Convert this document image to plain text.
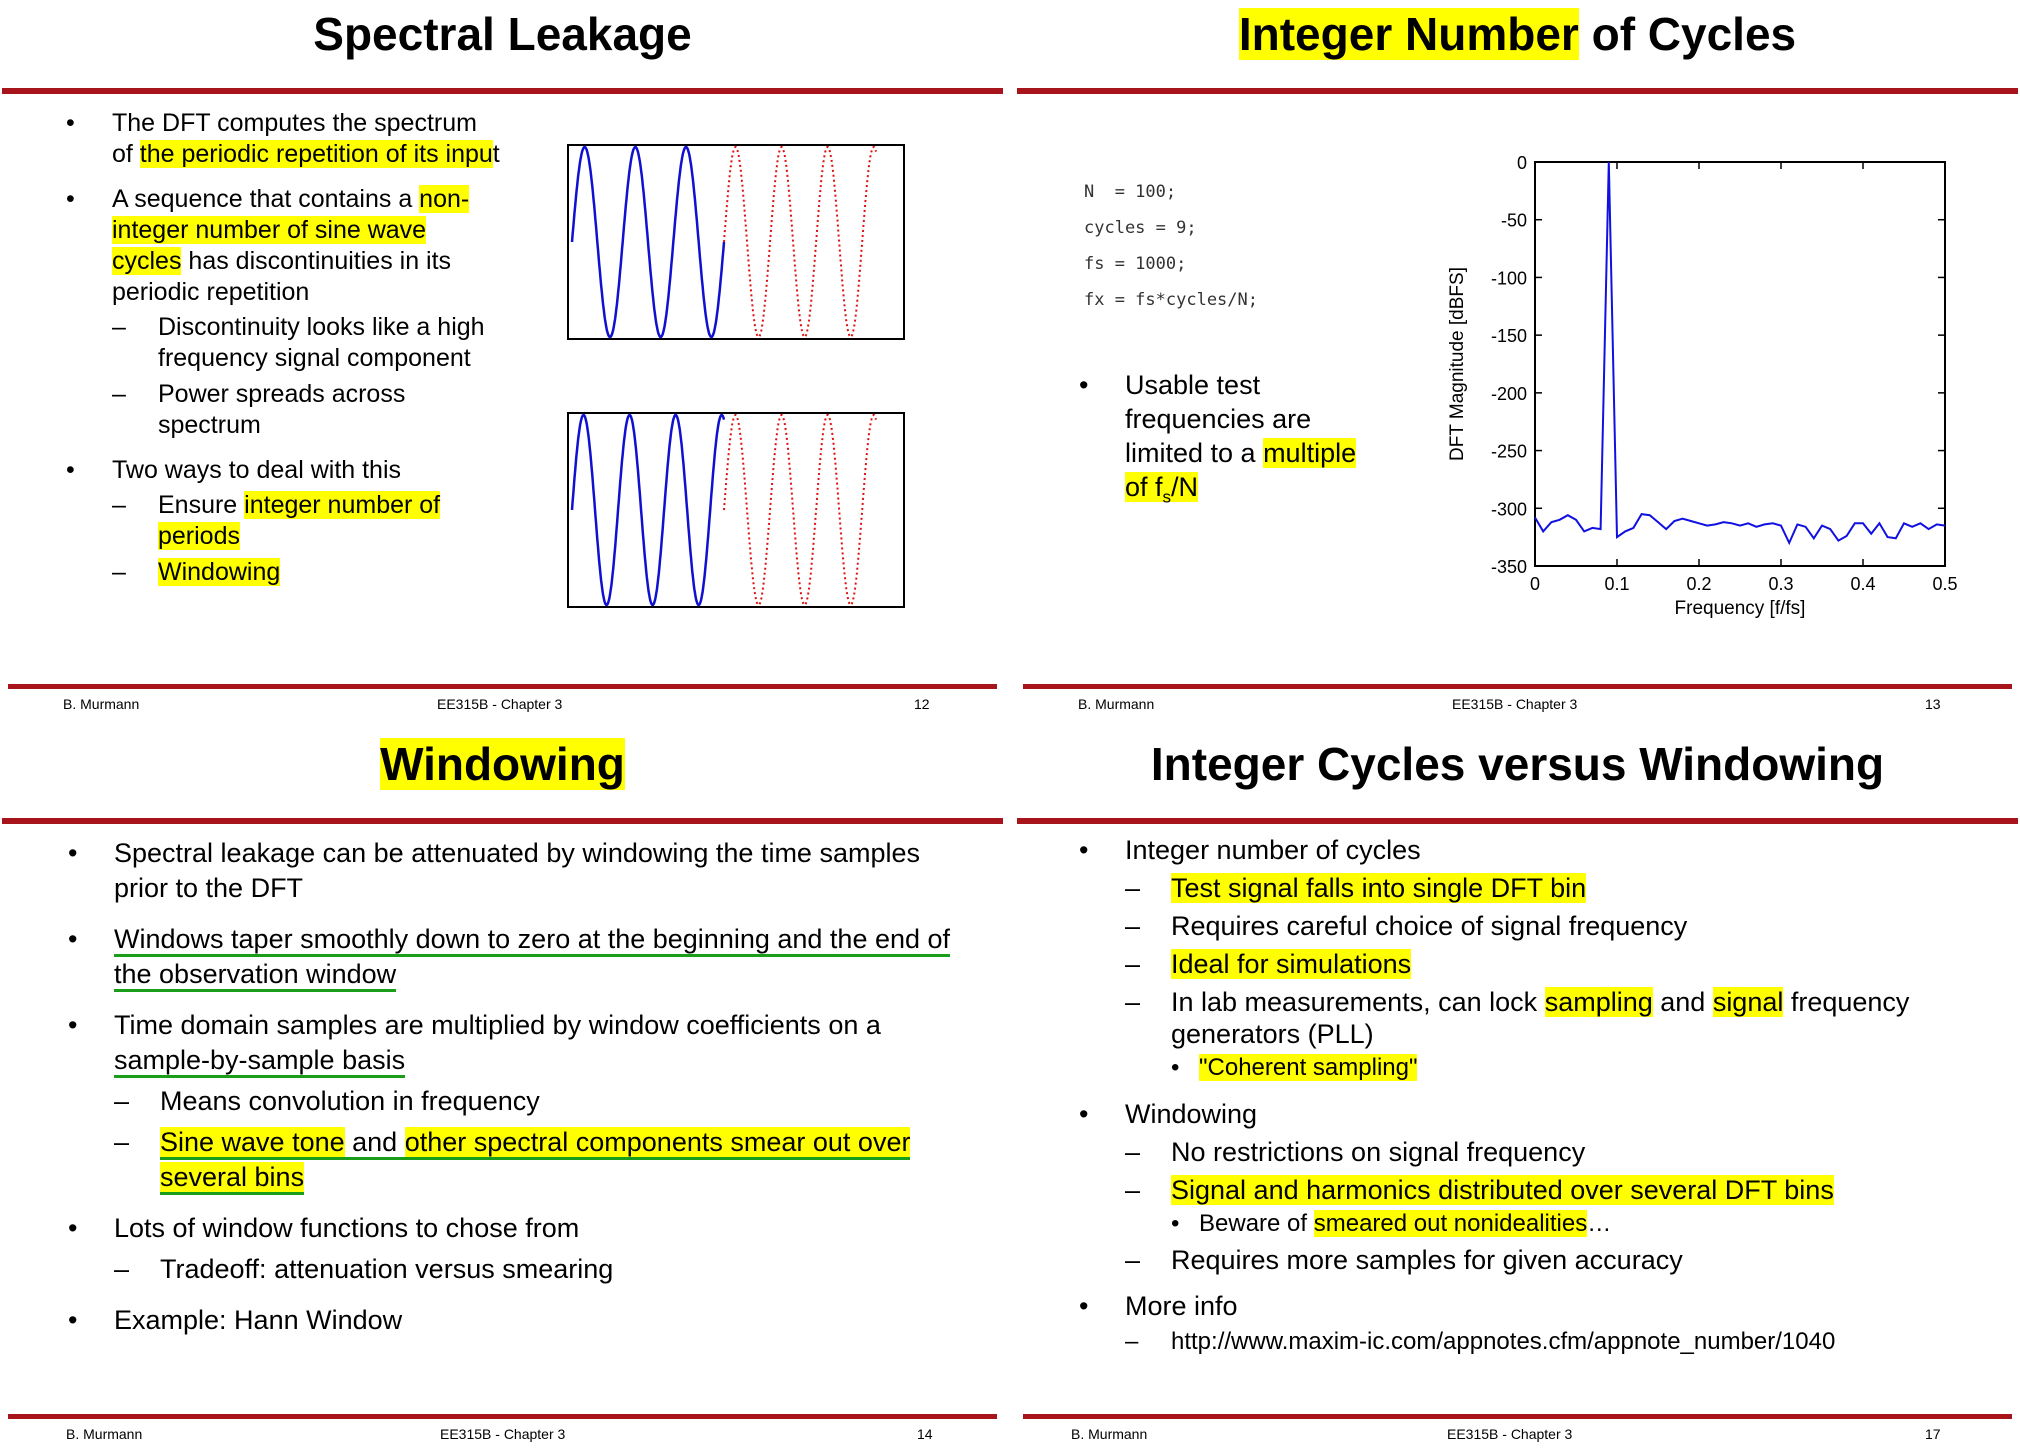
Spectral Leakage
• The DFT computes the spectrum of the periodic repetition of its input
• A sequence that contains a non-integer number of sine wave cycles has discontinuities in its periodic repetition
– Discontinuity looks like a high frequency signal component
– Power spreads across spectrum
• Two ways to deal with this
– Ensure integer number of periods
– Windowing
B. Murmann	EE315B - Chapter 3	12
Integer Number of Cycles
N  = 100;
cycles = 9;
fs = 1000;
fx = fs*cycles/N;
• Usable test frequencies are limited to a multiple
of $f_s/N$
0
-50
-100
-150
-200
-250
-300
-350
0	0.1	0.2	0.3	0.4	0.5
Frequency [f/fs]
DFT Magnitude [dBFS]
B. Murmann	EE315B - Chapter 3	13
Windowing
• Spectral leakage can be attenuated by windowing the time samples prior to the DFT
• Windows taper smoothly down to zero at the beginning and the end of the observation window
• Time domain samples are multiplied by window coefficients on a sample-by-sample basis
– Means convolution in frequency
– Sine wave tone and other spectral components smear out over several bins
• Lots of window functions to chose from
– Tradeoff: attenuation versus smearing
• Example: Hann Window
B. Murmann	EE315B - Chapter 3	14
Integer Cycles versus Windowing
• Integer number of cycles
– Test signal falls into single DFT bin
– Requires careful choice of signal frequency
– Ideal for simulations
– In lab measurements, can lock sampling and signal frequency generators (PLL)
• "Coherent sampling"
• Windowing
– No restrictions on signal frequency
– Signal and harmonics distributed over several DFT bins
• Beware of smeared out nonidealities…
– Requires more samples for given accuracy
• More info
– http://www.maxim-ic.com/appnotes.cfm/appnote_number/1040
B. Murmann	EE315B - Chapter 3	17
